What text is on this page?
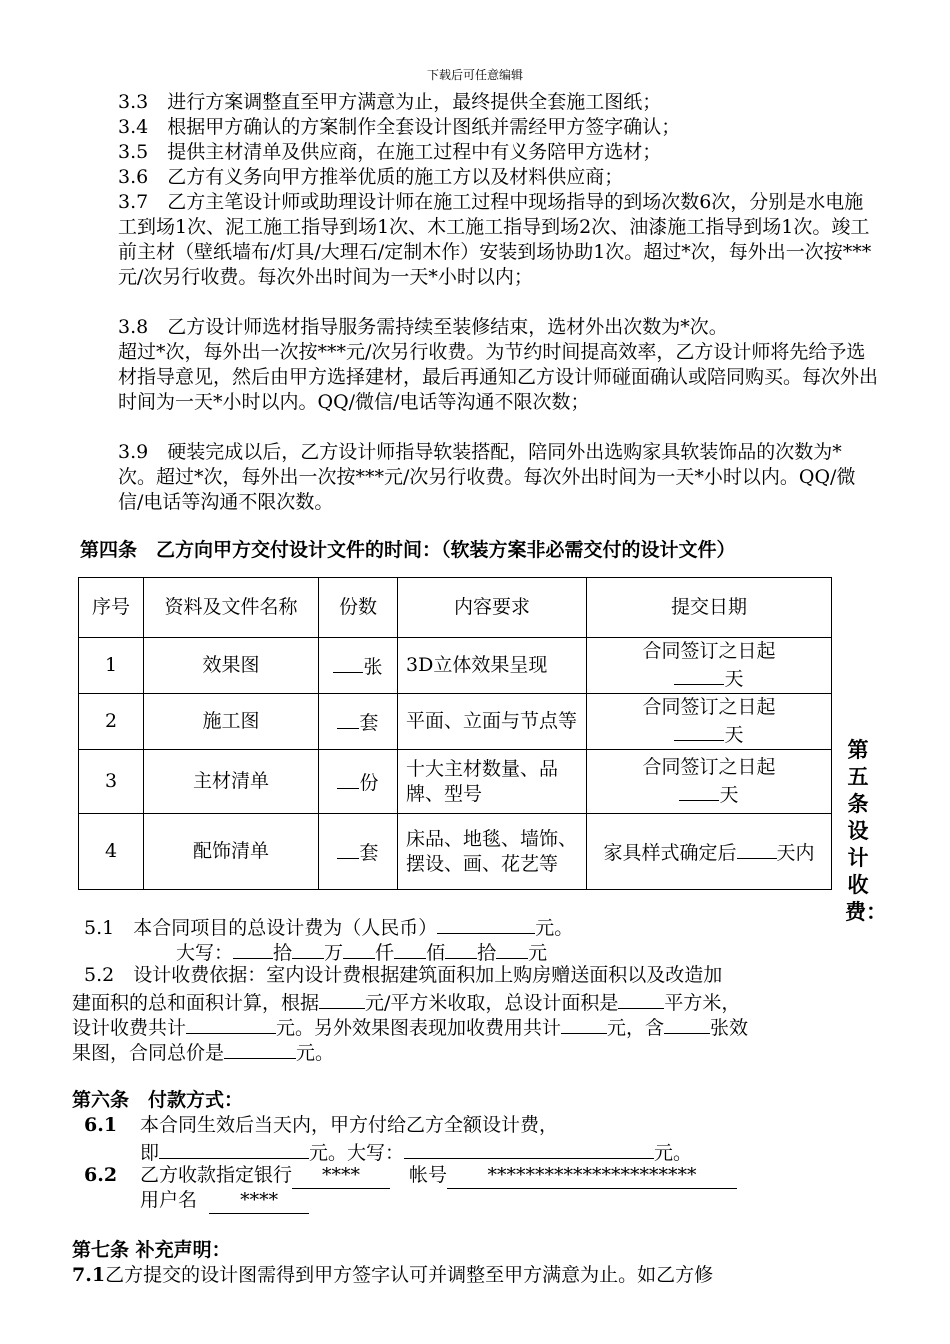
下载后可任意编辑
3.3　进行方案调整直至甲方满意为止，最终提供全套施工图纸；
3.4　根据甲方确认的方案制作全套设计图纸并需经甲方签字确认；
3.5　提供主材清单及供应商，在施工过程中有义务陪甲方选材；
3.6　乙方有义务向甲方推举优质的施工方以及材料供应商；
3.7　乙方主笔设计师或助理设计师在施工过程中现场指导的到场次数6次，分别是水电施工到场1次、泥工施工指导到场1次、木工施工指导到场2次、油漆施工指导到场1次。竣工前主材（壁纸墙布/灯具/大理石/定制木作）安装到场协助1次。超过*次，每外出一次按***元/次另行收费。每次外出时间为一天*小时以内；
3.8　乙方设计师选材指导服务需持续至装修结束，选材外出次数为*次。
超过*次，每外出一次按***元/次另行收费。为节约时间提高效率，乙方设计师将先给予选材指导意见，然后由甲方选择建材，最后再通知乙方设计师碰面确认或陪同购买。每次外出时间为一天*小时以内。QQ/微信/电话等沟通不限次数；
3.9　硬装完成以后，乙方设计师指导软装搭配，陪同外出选购家具软装饰品的次数为*次。超过*次，每外出一次按***元/次另行收费。每次外出时间为一天*小时以内。QQ/微信/电话等沟通不限次数。
第四条　乙方向甲方交付设计文件的时间：（软装方案非必需交付的设计文件）
序号	资料及文件名称	份数	内容要求	提交日期
1	效果图	张	3D立体效果呈现	合同签订之日起
天
2	施工图	套	平面、立面与节点等	合同签订之日起
天
3	主材清单	份	十大主材数量、品牌、型号	合同签订之日起
天
4	配饰清单	套	床品、地毯、墙饰、摆设、画、花艺等	家具样式确定后 天内
第五条设计收费：
5.1　本合同项目的总设计费为（人民币）	元。
大写： 拾 万 仟 佰 拾 元
5.2　设计收费依据：室内设计费根据建筑面积加上购房赠送面积以及改造加
建面积的总和面积计算，根据 元/平方米收取，总设计面积是 平方米，
设计收费共计	元。另外效果图表现加收费用共计 元，含 张效
果图，合同总价是	元。
第六条　付款方式：
6.1 本合同生效后当天内，甲方付给乙方全额设计费，
即	元。大写：	元。
6.2 乙方收款指定银行 ****　	帐号 **********************
用户名 ****
第七条 补充声明：
7.1乙方提交的设计图需得到甲方签字认可并调整至甲方满意为止。如乙方修
